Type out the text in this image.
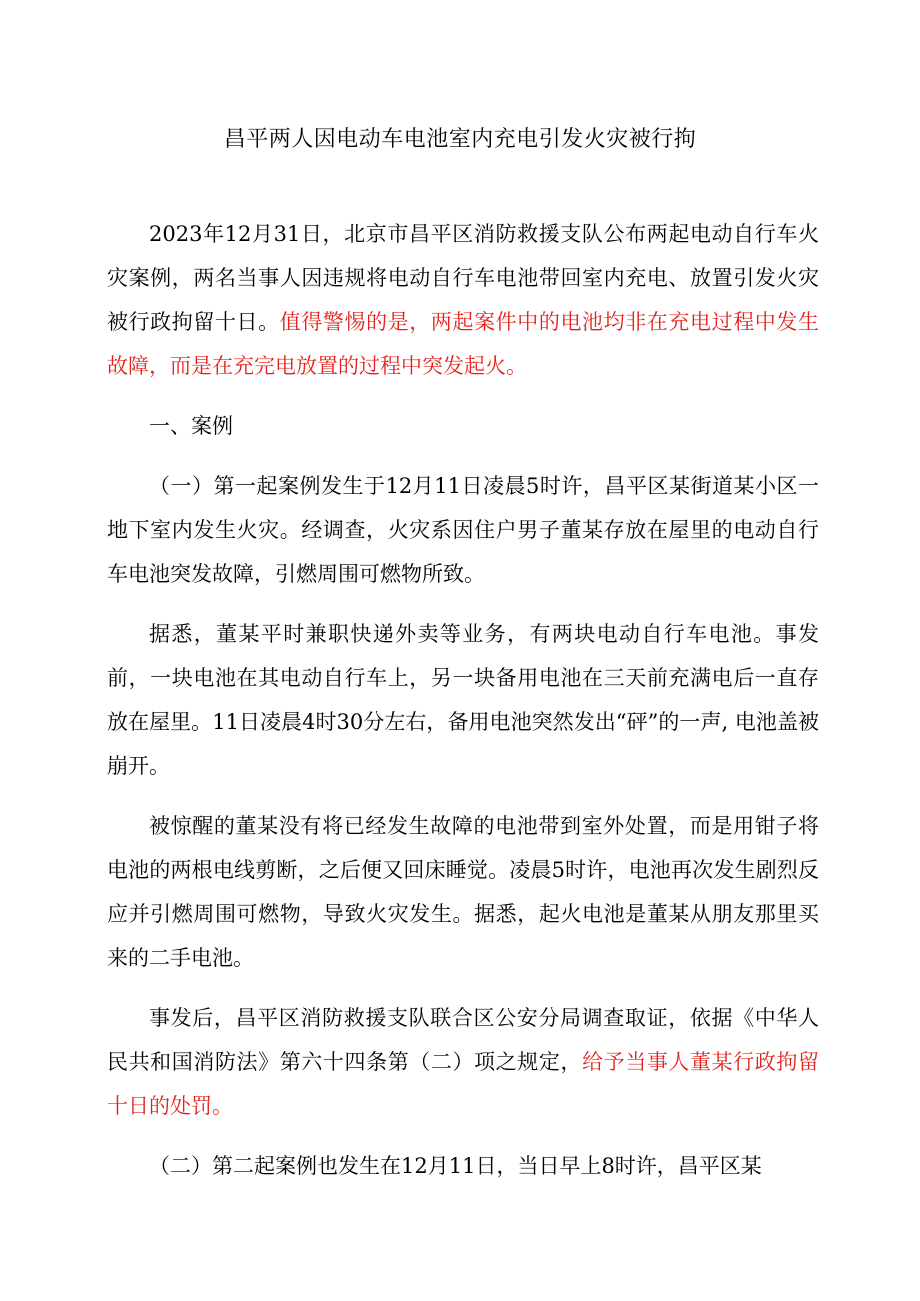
昌平两人因电动车电池室内充电引发火灾被行拘

2023年12月31日，北京市昌平区消防救援支队公布两起电动自行车火灾案例，两名当事人因违规将电动自行车电池带回室内充电、放置引发火灾被行政拘留十日。值得警惕的是，两起案件中的电池均非在充电过程中发生故障，而是在充完电放置的过程中突发起火。

一、案例

（一）第一起案例发生于12月11日凌晨5时许，昌平区某街道某小区一地下室内发生火灾。经调查，火灾系因住户男子董某存放在屋里的电动自行车电池突发故障，引燃周围可燃物所致。

据悉，董某平时兼职快递外卖等业务，有两块电动自行车电池。事发前，一块电池在其电动自行车上，另一块备用电池在三天前充满电后一直存放在屋里。11日凌晨4时30分左右，备用电池突然发出“砰”的一声, 电池盖被崩开。

被惊醒的董某没有将已经发生故障的电池带到室外处置，而是用钳子将电池的两根电线剪断，之后便又回床睡觉。凌晨5时许，电池再次发生剧烈反应并引燃周围可燃物，导致火灾发生。据悉，起火电池是董某从朋友那里买来的二手电池。

事发后，昌平区消防救援支队联合区公安分局调查取证，依据《中华人民共和国消防法》第六十四条第（二）项之规定，给予当事人董某行政拘留十日的处罚。

（二）第二起案例也发生在12月11日，当日早上8时许，昌平区某
